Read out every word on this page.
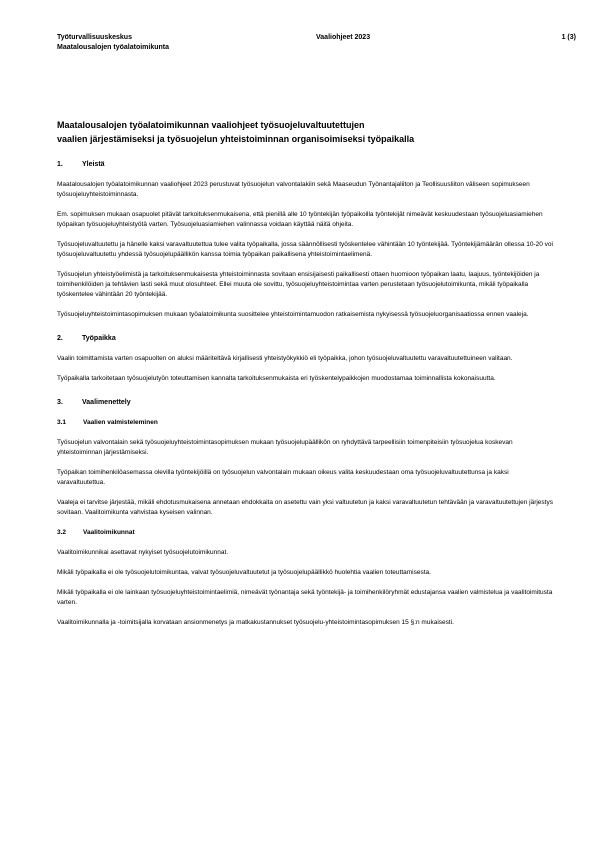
Työturvallisuuskeskus
Maatalousalojen työalatoimikunta
Vaaliohjeet 2023	1 (3)
Maatalousalojen työalatoimikunnan vaaliohjeet työsuojeluvaltuutettujen
vaalien järjestämiseksi ja työsuojelun yhteistoiminnan organisoimiseksi työpaikalla
1.	Yleistä

Maatalousalojen työalatoimikunnan vaaliohjeet 2023 perustuvat työsuojelun valvontalakiin sekä Maaseudun Työnantajaliiton ja Teollisuusliiton väliseen sopimukseen työsuojeluyhteistoiminnasta.

Em. sopimuksen mukaan osapuolet pitävät tarkoituksenmukaisena, että pienillä alle 10 työntekijän työpaikoilla työntekijät nimeävät keskuudestaan työsuojeluasiamiehen työpaikan työsuojeluyhteistyötä varten. Työsuojeluasiamiehen valinnassa voidaan käyttää näitä ohjeita.

Työsuojeluvaltuutettu ja hänelle kaksi varavaltuutettua tulee valita työpaikalla, jossa säännöllisesti työskentelee vähintään 10 työntekijää. Työntekijämäärän ollessa 10-20 voi työsuojeluvaltuutettu yhdessä työsuojelupäällikön kanssa toimia työpaikan paikallisena yhteistoimintaelimenä.

Työsuojelun yhteistyöelimistä ja tarkoituksenmukaisesta yhteistoiminnasta sovitaan ensisijaisesti paikallisesti ottaen huomioon työpaikan laatu, laajuus, työntekijöiden ja toimihenkilöiden ja tehtävien lasti sekä muut olosuhteet. Ellei muuta ole sovittu, työsuojeluyhteistoimintaa varten perustetaan työsuojelutoimikunta, mikäli työpaikalla työskentelee vähintään 20 työntekijää.

Työsuojeluyhteistoimintasopimuksen mukaan työalatoimikunta suosittelee yhteistoimintamuodon ratkaisemista nykyisessä työsuojeluorganisaatiossa ennen vaaleja.

2.	Työpaikka

Vaalin toimittamista varten osapuolten on aluksi määriteltävä kirjallisesti yhteistyökykkiö eli työpaikka, johon työsuojeluvaltuutettu varavaltuutettuineen valitaan.

Työpaikalla tarkoitetaan työsuojelutyön toteuttamisen kannalta tarkoituksenmukaista eri työskentelypaikkojen muodostamaa toiminnallista kokonaisuutta.

3.	Vaalimenettely
3.1	Vaalien valmisteleminen

Työsuojelun valvontalain sekä työsuojeluyhteistoimintasopimuksen mukaan työsuojelupäällikön on ryhdyttävä tarpeellisiin toimenpiteisiin työsuojelua koskevan yhteistoiminnan järjestämiseksi.

Työpaikan toimihenkilöasemassa olevilla työntekijöillä on työsuojelun valvontalain mukaan oikeus valita keskuudestaan oma työsuojeluvaltuutettunsa ja kaksi varavaltuutettua.

Vaaleja ei tarvitse järjestää, mikäli ehdotusmukaisena annetaan ehdokkaita on asetettu vain yksi valtuutetun ja kaksi varavaltuutetun tehtävään ja varavaltuutettujen järjestys sovitaan. Vaalitoimikunta vahvistaa kyseisen valinnan.

3.2	Vaalitoimikunnat

Vaalitoimikunnikai asettavat nykyiset työsuojelutoimikunnat.

Mikäli työpaikalla ei ole työsuojelutoimikuntaa, valvat työsuojeluvaltuutetut ja työsuojelupäällikkö huolehtia vaalien toteuttamisesta.

Mikäli työpaikalla ei ole lainkaan työsuojeluyhteistoimintaelimiä, nimeävät työnantaja sekä työntekijä- ja toimihenkilöryhmät edustajansa vaalien valmistelua ja vaalitoimitusta varten.

Vaalitoimikunnalla ja -toimitsijalla korvataan ansionmenetys ja matkakustannukset työsuojelu-yhteistoimintasopimuksen 15 §:n mukaisesti.
